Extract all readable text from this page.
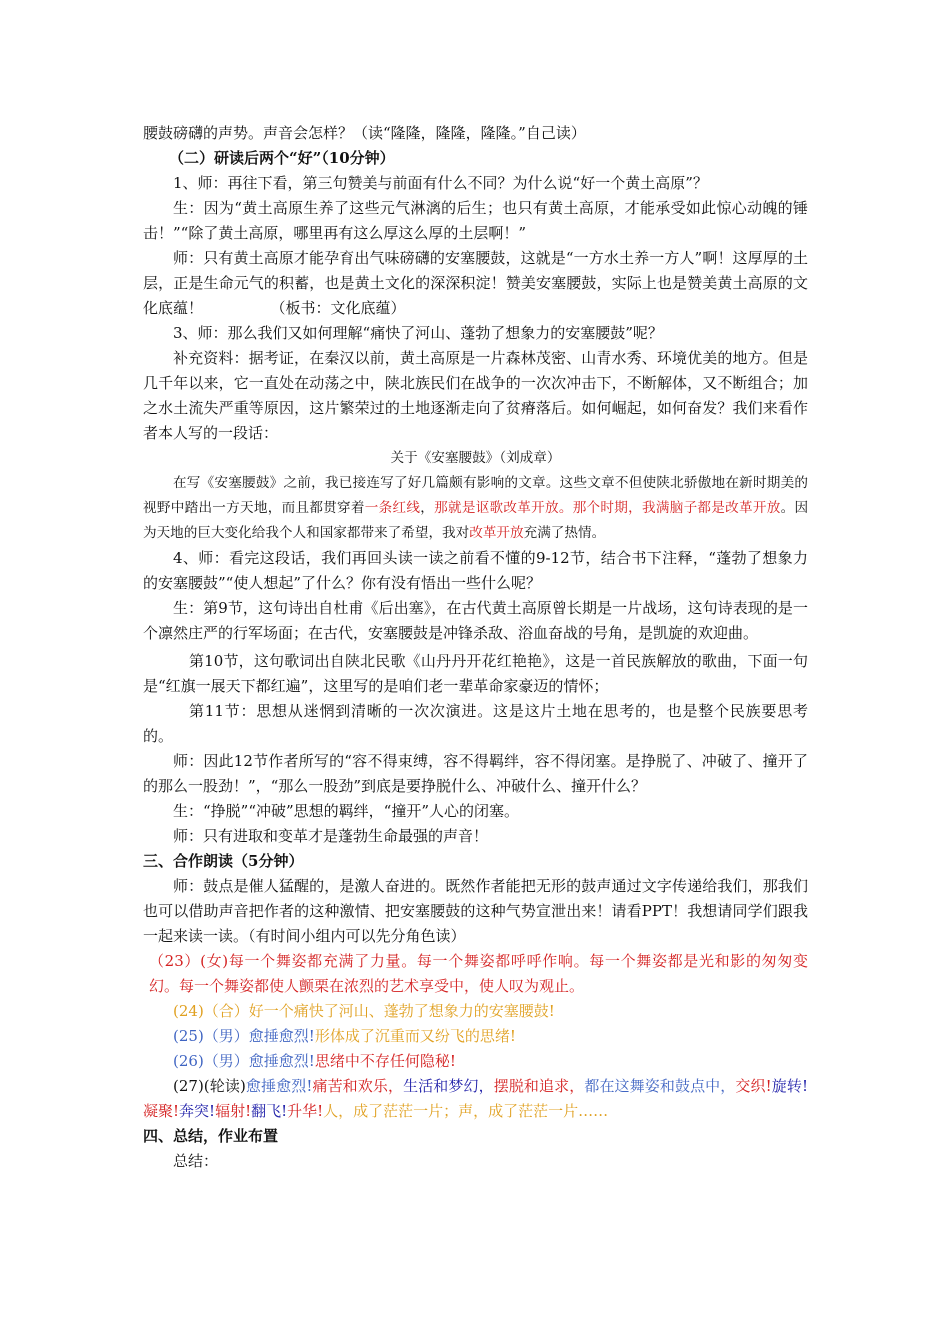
腰鼓磅礴的声势。声音会怎样？（读“隆隆，隆隆，隆隆。”自己读）

（二）研读后两个“好”（10分钟）

1、师：再往下看，第三句赞美与前面有什么不同？为什么说“好一个黄土高原”？

生：因为“黄土高原生养了这些元气淋漓的后生；也只有黄土高原，才能承受如此惊心动魄的锤击！”“除了黄土高原，哪里再有这么厚这么厚的土层啊！”

师：只有黄土高原才能孕育出气味磅礴的安塞腰鼓，这就是“一方水土养一方人”啊！这厚厚的土层，正是生命元气的积蓄，也是黄土文化的深深积淀！赞美安塞腰鼓，实际上也是赞美黄土高原的文化底蕴！　　　　　（板书：文化底蕴）

3、师：那么我们又如何理解“痛快了河山、蓬勃了想象力的安塞腰鼓”呢？

补充资料：据考证，在秦汉以前，黄土高原是一片森林茂密、山青水秀、环境优美的地方。但是几千年以来，它一直处在动荡之中，陕北族民们在战争的一次次冲击下，不断解体，又不断组合；加之水土流失严重等原因，这片繁荣过的土地逐渐走向了贫瘠落后。如何崛起，如何奋发？我们来看作者本人写的一段话：

关于《安塞腰鼓》（刘成章）

在写《安塞腰鼓》之前，我已接连写了好几篇颇有影响的文章。这些文章不但使陕北骄傲地在新时期美的视野中踏出一方天地，而且都贯穿着一条红线，那就是讴歌改革开放。那个时期，我满脑子都是改革开放。因为天地的巨大变化给我个人和国家都带来了希望，我对改革开放充满了热情。

4、师：看完这段话，我们再回头读一读之前看不懂的9-12节，结合书下注释，“蓬勃了想象力的安塞腰鼓”“使人想起”了什么？你有没有悟出一些什么呢？

生：第9节，这句诗出自杜甫《后出塞》，在古代黄土高原曾长期是一片战场，这句诗表现的是一个凛然庄严的行军场面；在古代，安塞腰鼓是冲锋杀敌、浴血奋战的号角，是凯旋的欢迎曲。

第10节，这句歌词出自陕北民歌《山丹丹开花红艳艳》，这是一首民族解放的歌曲，下面一句是“红旗一展天下都红遍”，这里写的是咱们老一辈革命家豪迈的情怀；

第11节：思想从迷惘到清晰的一次次演进。这是这片土地在思考的，也是整个民族要思考的。

师：因此12节作者所写的“容不得束缚，容不得羁绊，容不得闭塞。是挣脱了、冲破了、撞开了的那么一股劲！”，“那么一股劲”到底是要挣脱什么、冲破什么、撞开什么？

生：“挣脱”“冲破”思想的羁绊，“撞开”人心的闭塞。

师：只有进取和变革才是蓬勃生命最强的声音！

三、合作朗读（5分钟）

师：鼓点是催人猛醒的，是激人奋进的。既然作者能把无形的鼓声通过文字传递给我们，那我们也可以借助声音把作者的这种激情、把安塞腰鼓的这种气势宣泄出来！请看PPT！我想请同学们跟我一起来读一读。（有时间小组内可以先分角色读）

（23）(女)每一个舞姿都充满了力量。每一个舞姿都呼呼作响。每一个舞姿都是光和影的匆匆变幻。每一个舞姿都使人颤栗在浓烈的艺术享受中，使人叹为观止。

(24)（合）好一个痛快了河山、蓬勃了想象力的安塞腰鼓!

(25)（男）愈捶愈烈!形体成了沉重而又纷飞的思绪!

(26)（男）愈捶愈烈!思绪中不存任何隐秘!

(27)(轮读)愈捶愈烈!痛苦和欢乐，生活和梦幻，摆脱和追求，都在这舞姿和鼓点中，交织!旋转!凝聚!奔突!辐射!翻飞!升华!人，成了茫茫一片；声，成了茫茫一片……

四、总结，作业布置

总结：
